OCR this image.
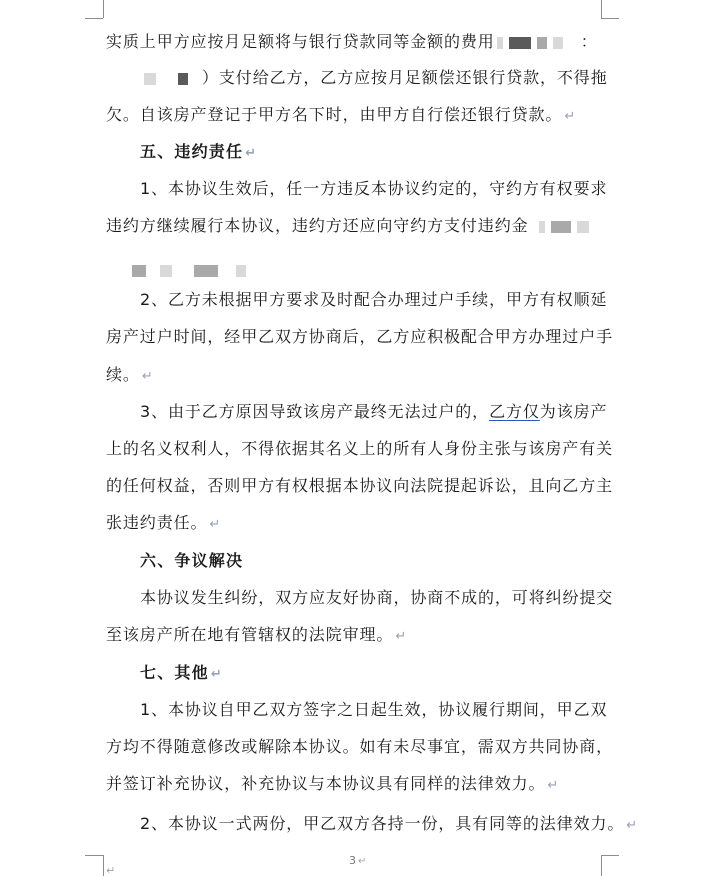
实质上甲方应按月足额将与银行贷款同等金额的费用	：
）支付给乙方，乙方应按月足额偿还银行贷款，不得拖
欠。自该房产登记于甲方名下时，由甲方自行偿还银行贷款。 ↵
五、违约责任 ↵
1、本协议生效后，任一方违反本协议约定的，守约方有权要求
违约方继续履行本协议，违约方还应向守约方支付违约金
2、乙方未根据甲方要求及时配合办理过户手续，甲方有权顺延
房产过户时间，经甲乙双方协商后，乙方应积极配合甲方办理过户手
续。 ↵
3、由于乙方原因导致该房产最终无法过户的，乙方仅为该房产
上的名义权利人，不得依据其名义上的所有人身份主张与该房产有关
的任何权益，否则甲方有权根据本协议向法院提起诉讼，且向乙方主
张违约责任。 ↵
六、争议解决
本协议发生纠纷，双方应友好协商，协商不成的，可将纠纷提交
至该房产所在地有管辖权的法院审理。 ↵
七、其他 ↵
1、本协议自甲乙双方签字之日起生效，协议履行期间，甲乙双
方均不得随意修改或解除本协议。如有未尽事宜，需双方共同协商，
并签订补充协议，补充协议与本协议具有同样的法律效力。 ↵
2、本协议一式两份，甲乙双方各持一份，具有同等的法律效力。 ↵
3 ↵
↵
